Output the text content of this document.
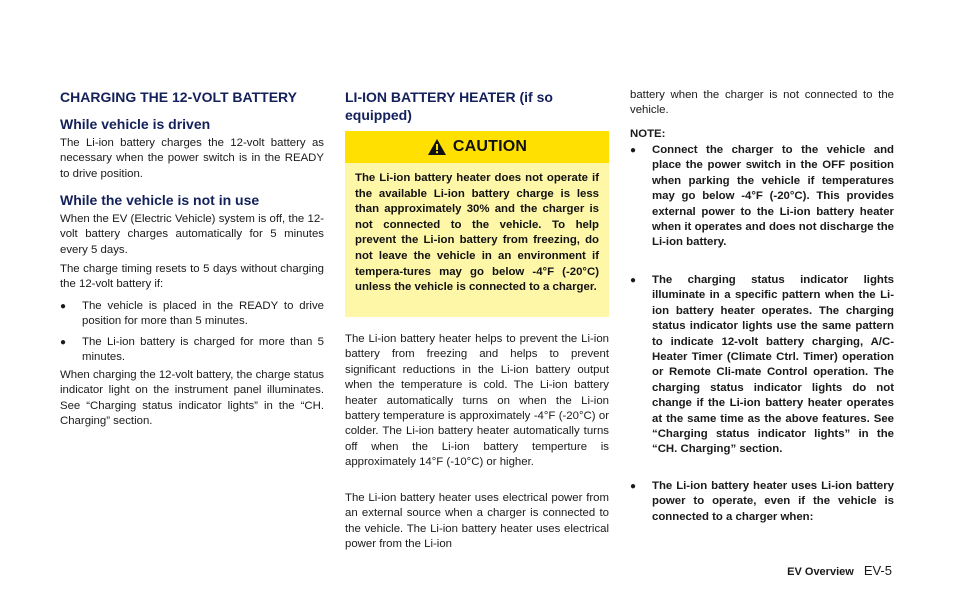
CHARGING THE 12-VOLT BATTERY
While vehicle is driven

The Li-ion battery charges the 12-volt battery as necessary when the power switch is in the READY to drive position.

While the vehicle is not in use

When the EV (Electric Vehicle) system is off, the 12-volt battery charges automatically for 5 minutes every 5 days.

The charge timing resets to 5 days without charging the 12-volt battery if:

● The vehicle is placed in the READY to drive position for more than 5 minutes.
● The Li-ion battery is charged for more than 5 minutes.

When charging the 12-volt battery, the charge status indicator light on the instrument panel illuminates. See “Charging status indicator lights” in the “CH. Charging” section.

LI-ION BATTERY HEATER (if so equipped)
CAUTION
The Li-ion battery heater does not operate if the available Li-ion battery charge is less than approximately 30% and the charger is not connected to the vehicle. To help prevent the Li-ion battery from freezing, do not leave the vehicle in an environment if tempera-tures may go below -4°F (-20°C) unless the vehicle is connected to a charger.

The Li-ion battery heater helps to prevent the Li-ion battery from freezing and helps to prevent significant reductions in the Li-ion battery output when the temperature is cold. The Li-ion battery heater automatically turns on when the Li-ion battery temperature is approximately -4°F (-20°C) or colder. The Li-ion battery heater automatically turns off when the Li-ion battery temperture is approximately 14°F (-10°C) or higher.

The Li-ion battery heater uses electrical power from an external source when a charger is connected to the vehicle. The Li-ion battery heater uses electrical power from the Li-ion

battery when the charger is not connected to the vehicle.

NOTE:

● Connect the charger to the vehicle and place the power switch in the OFF position when parking the vehicle if temperatures may go below -4°F (-20°C). This provides external power to the Li-ion battery heater when it operates and does not discharge the Li-ion battery.
● The charging status indicator lights illuminate in a specific pattern when the Li-ion battery heater operates. The charging status indicator lights use the same pattern to indicate 12-volt battery charging, A/C-Heater Timer (Climate Ctrl. Timer) operation or Remote Cli-mate Control operation. The charging status indicator lights do not change if the Li-ion battery heater operates at the same time as the above features. See “Charging status indicator lights” in the “CH. Charging” section.
● The Li-ion battery heater uses Li-ion battery power to operate, even if the vehicle is connected to a charger when:
EV Overview EV-5
